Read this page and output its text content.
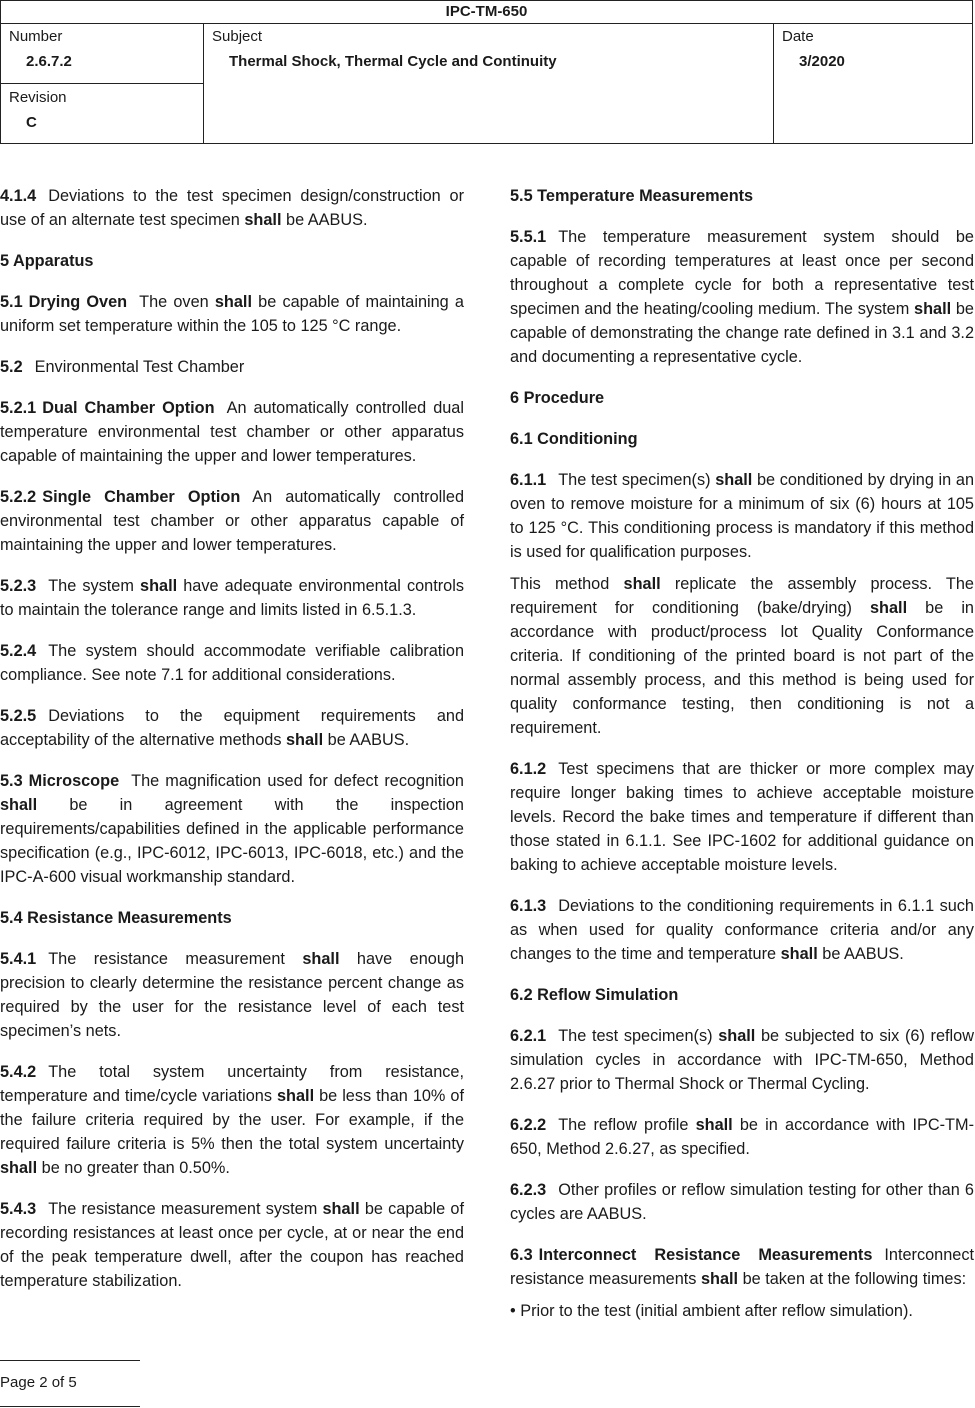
IPC-TM-650
Number
2.6.7.2
Revision
C
Subject
Thermal Shock, Thermal Cycle and Continuity
Date
3/2020

4.1.4 Deviations to the test specimen design/construction or use of an alternate test specimen shall be AABUS.

5 Apparatus

5.1 Drying Oven The oven shall be capable of maintaining a uniform set temperature within the 105 to 125 °C range.

5.2 Environmental Test Chamber

5.2.1 Dual Chamber Option An automatically controlled dual temperature environmental test chamber or other apparatus capable of maintaining the upper and lower temperatures.

5.2.2 Single Chamber Option An automatically controlled environmental test chamber or other apparatus capable of maintaining the upper and lower temperatures.

5.2.3 The system shall have adequate environmental controls to maintain the tolerance range and limits listed in 6.5.1.3.

5.2.4 The system should accommodate verifiable calibration compliance. See note 7.1 for additional considerations.

5.2.5 Deviations to the equipment requirements and acceptability of the alternative methods shall be AABUS.

5.3 Microscope The magnification used for defect recognition shall be in agreement with the inspection requirements/capabilities defined in the applicable performance specification (e.g., IPC-6012, IPC-6013, IPC-6018, etc.) and the IPC-A-600 visual workmanship standard.

5.4 Resistance Measurements

5.4.1 The resistance measurement shall have enough precision to clearly determine the resistance percent change as required by the user for the resistance level of each test specimen’s nets.

5.4.2 The total system uncertainty from resistance, temperature and time/cycle variations shall be less than 10% of the failure criteria required by the user. For example, if the required failure criteria is 5% then the total system uncertainty shall be no greater than 0.50%.

5.4.3 The resistance measurement system shall be capable of recording resistances at least once per cycle, at or near the end of the peak temperature dwell, after the coupon has reached temperature stabilization.

5.5 Temperature Measurements

5.5.1 The temperature measurement system should be capable of recording temperatures at least once per second throughout a complete cycle for both a representative test specimen and the heating/cooling medium. The system shall be capable of demonstrating the change rate defined in 3.1 and 3.2 and documenting a representative cycle.

6 Procedure
6.1 Conditioning

6.1.1 The test specimen(s) shall be conditioned by drying in an oven to remove moisture for a minimum of six (6) hours at 105 to 125 °C. This conditioning process is mandatory if this method is used for qualification purposes.

This method shall replicate the assembly process. The requirement for conditioning (bake/drying) shall be in accordance with product/process lot Quality Conformance criteria. If conditioning of the printed board is not part of the normal assembly process, and this method is being used for quality conformance testing, then conditioning is not a requirement.

6.1.2 Test specimens that are thicker or more complex may require longer baking times to achieve acceptable moisture levels. Record the bake times and temperature if different than those stated in 6.1.1. See IPC-1602 for additional guidance on baking to achieve acceptable moisture levels.

6.1.3 Deviations to the conditioning requirements in 6.1.1 such as when used for quality conformance criteria and/or any changes to the time and temperature shall be AABUS.

6.2 Reflow Simulation

6.2.1 The test specimen(s) shall be subjected to six (6) reflow simulation cycles in accordance with IPC-TM-650, Method 2.6.27 prior to Thermal Shock or Thermal Cycling.

6.2.2 The reflow profile shall be in accordance with IPC-TM-650, Method 2.6.27, as specified.

6.2.3 Other profiles or reflow simulation testing for other than 6 cycles are AABUS.

6.3 Interconnect Resistance Measurements Interconnect resistance measurements shall be taken at the following times:

• Prior to the test (initial ambient after reflow simulation).

Page 2 of 5
